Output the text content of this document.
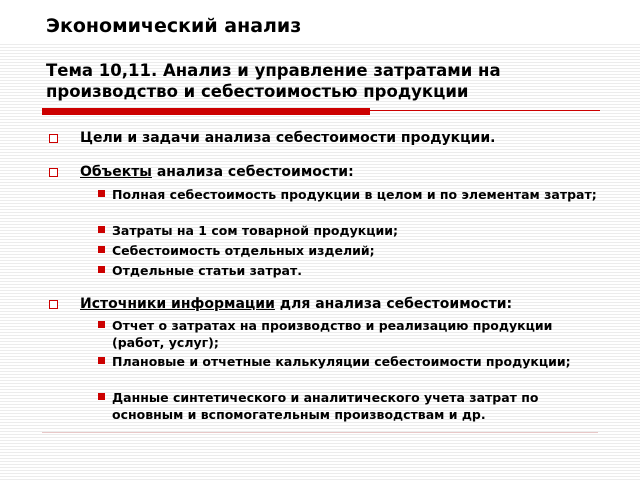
Экономический анализ
Тема 10,11. Анализ и управление затратами на производство и себестоимостью продукции
Цели и задачи анализа себестоимости продукции.
Объекты анализа себестоимости:
Полная себестоимость продукции в целом и по элементам затрат;
Затраты на 1 сом товарной продукции;
Себестоимость отдельных изделий;
Отдельные статьи затрат.
Источники информации для анализа себестоимости:
Отчет о затратах на производство и реализацию продукции (работ, услуг);
Плановые и отчетные калькуляции себестоимости продукции;
Данные синтетического и аналитического учета затрат по основным и вспомогательным производствам и др.
